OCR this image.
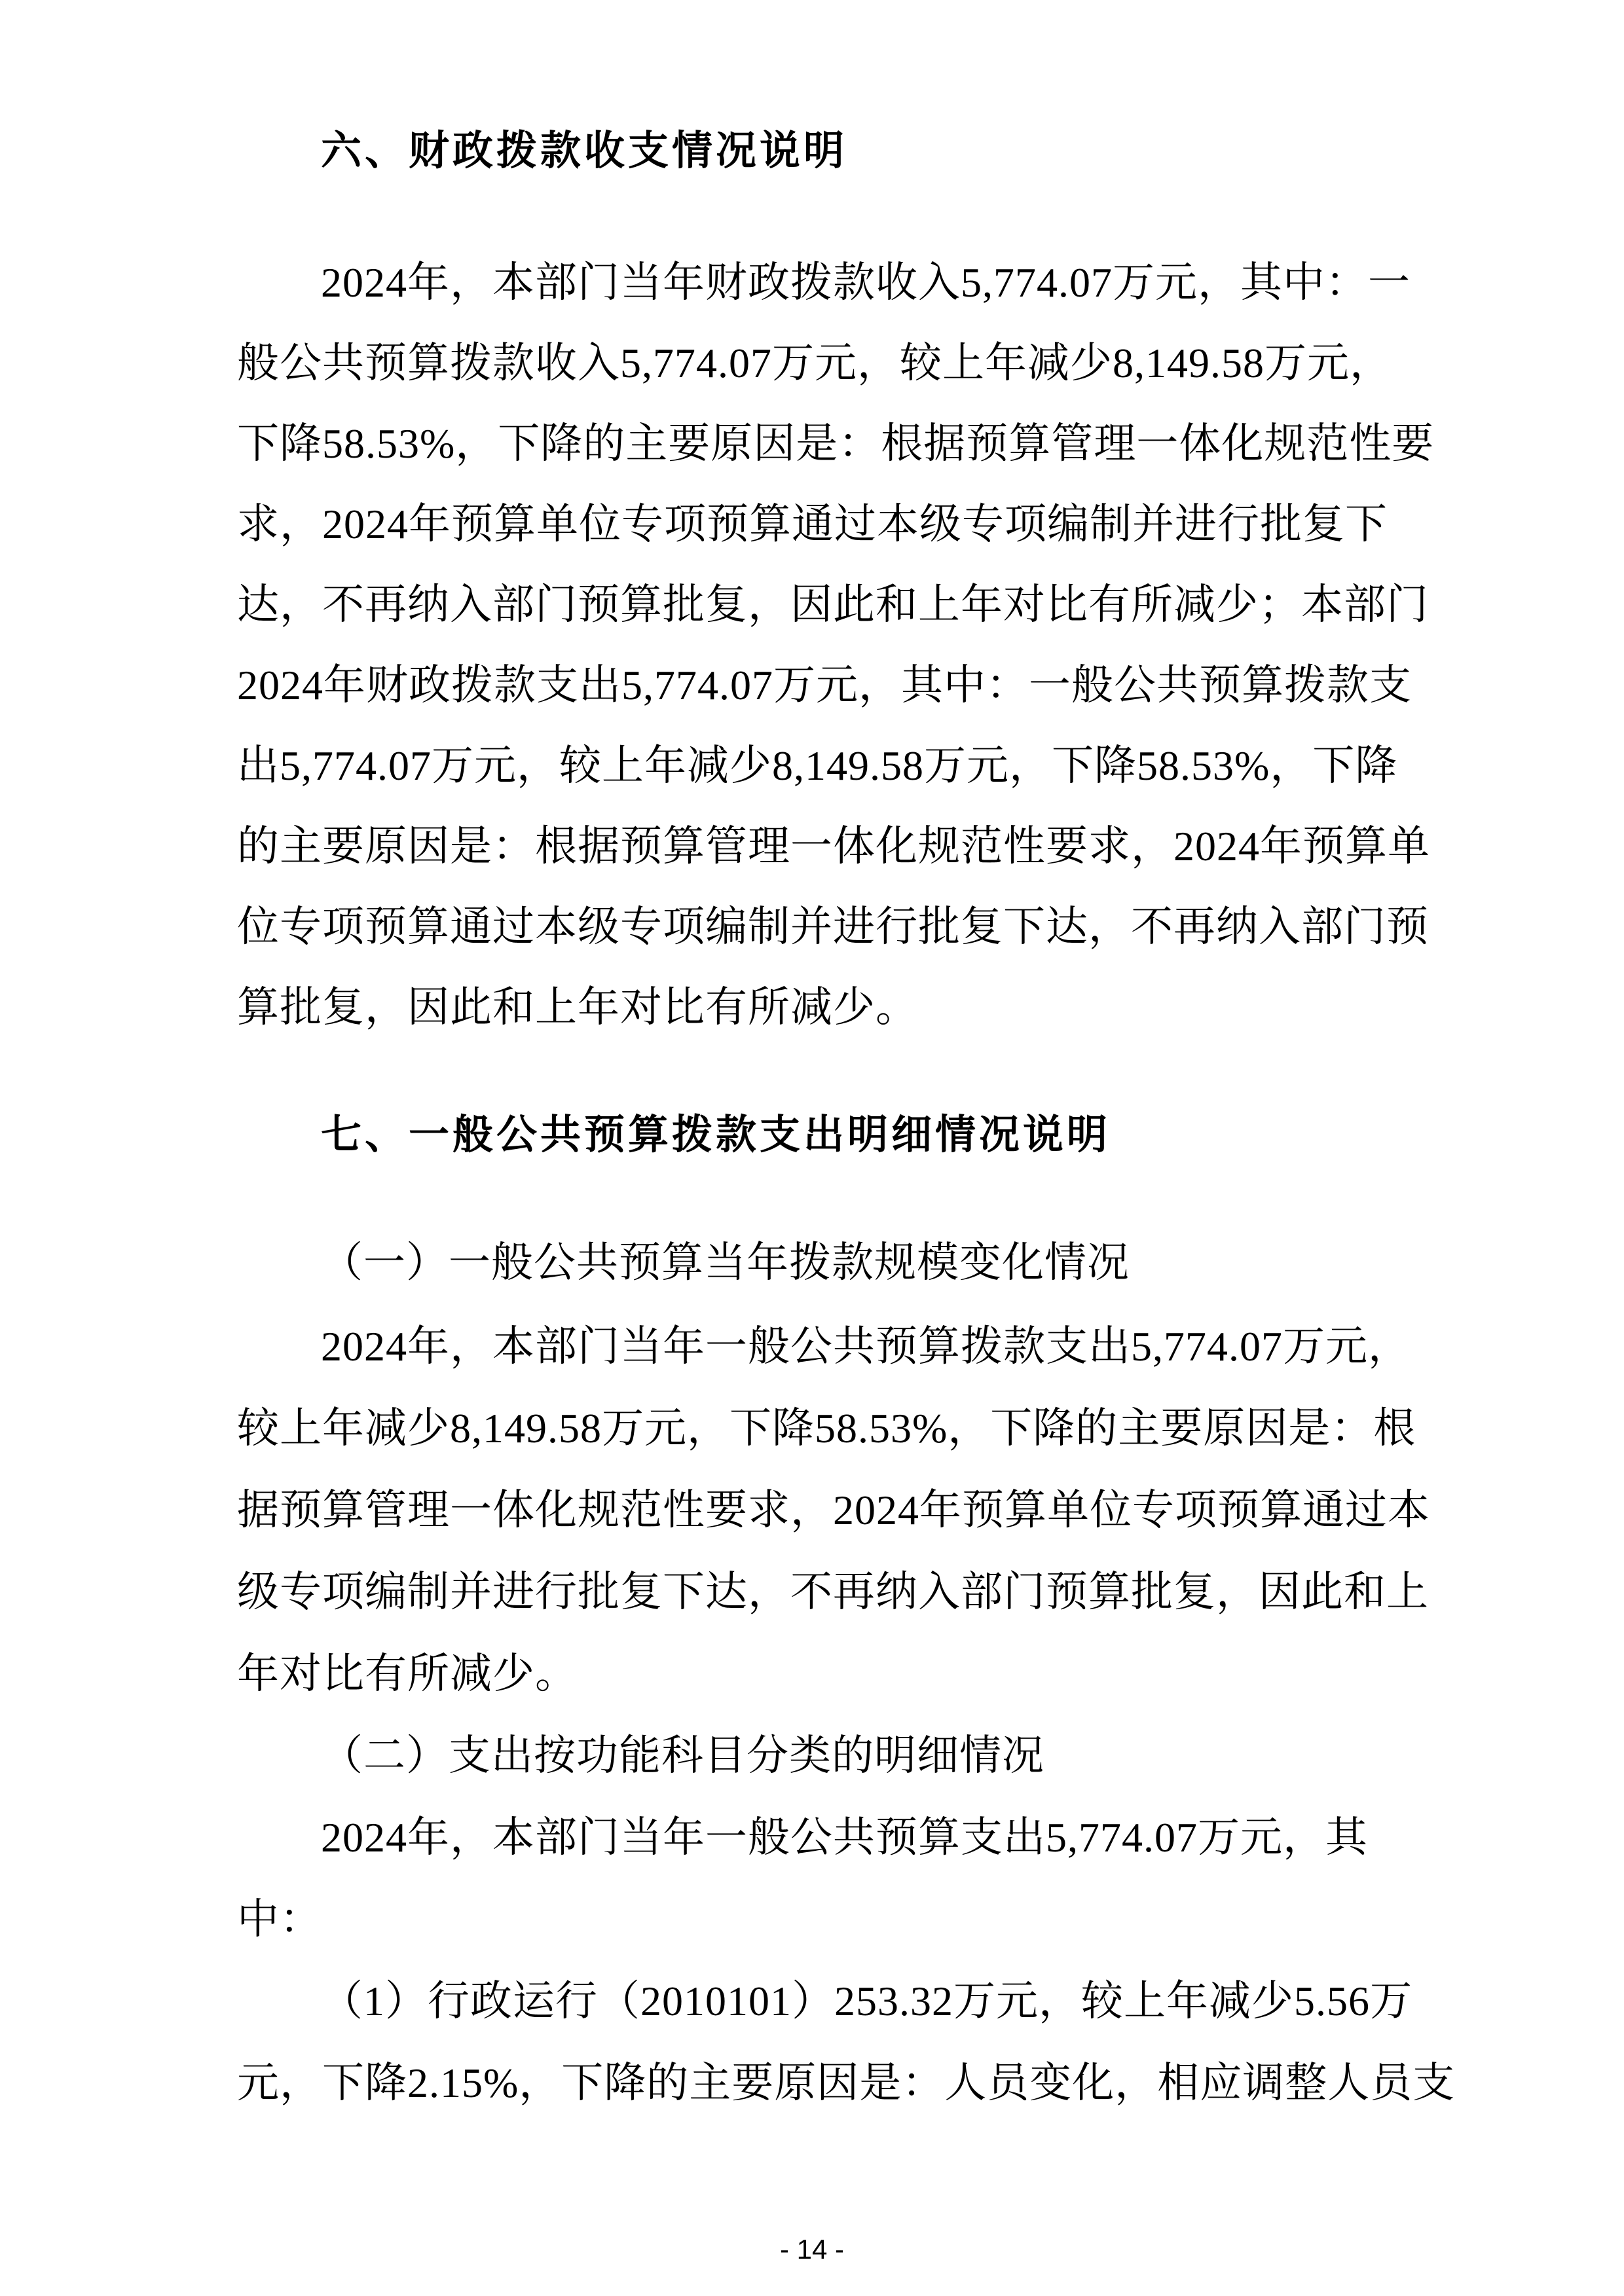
六、财政拨款收支情况说明
2024年，本部门当年财政拨款收入5,774.07万元，其中：一
般公共预算拨款收入5,774.07万元，较上年减少8,149.58万元，
下降58.53%，下降的主要原因是：根据预算管理一体化规范性要
求，2024年预算单位专项预算通过本级专项编制并进行批复下
达，不再纳入部门预算批复，因此和上年对比有所减少；本部门
2024年财政拨款支出5,774.07万元，其中：一般公共预算拨款支
出5,774.07万元，较上年减少8,149.58万元，下降58.53%，下降
的主要原因是：根据预算管理一体化规范性要求，2024年预算单
位专项预算通过本级专项编制并进行批复下达，不再纳入部门预
算批复，因此和上年对比有所减少。
七、一般公共预算拨款支出明细情况说明
（一）一般公共预算当年拨款规模变化情况
2024年，本部门当年一般公共预算拨款支出5,774.07万元，
较上年减少8,149.58万元，下降58.53%，下降的主要原因是：根
据预算管理一体化规范性要求，2024年预算单位专项预算通过本
级专项编制并进行批复下达，不再纳入部门预算批复，因此和上
年对比有所减少。
（二）支出按功能科目分类的明细情况
2024年，本部门当年一般公共预算支出5,774.07万元，其
中：
（1）行政运行（2010101）253.32万元，较上年减少5.56万
元，下降2.15%，下降的主要原因是：人员变化，相应调整人员支
- 14 -
